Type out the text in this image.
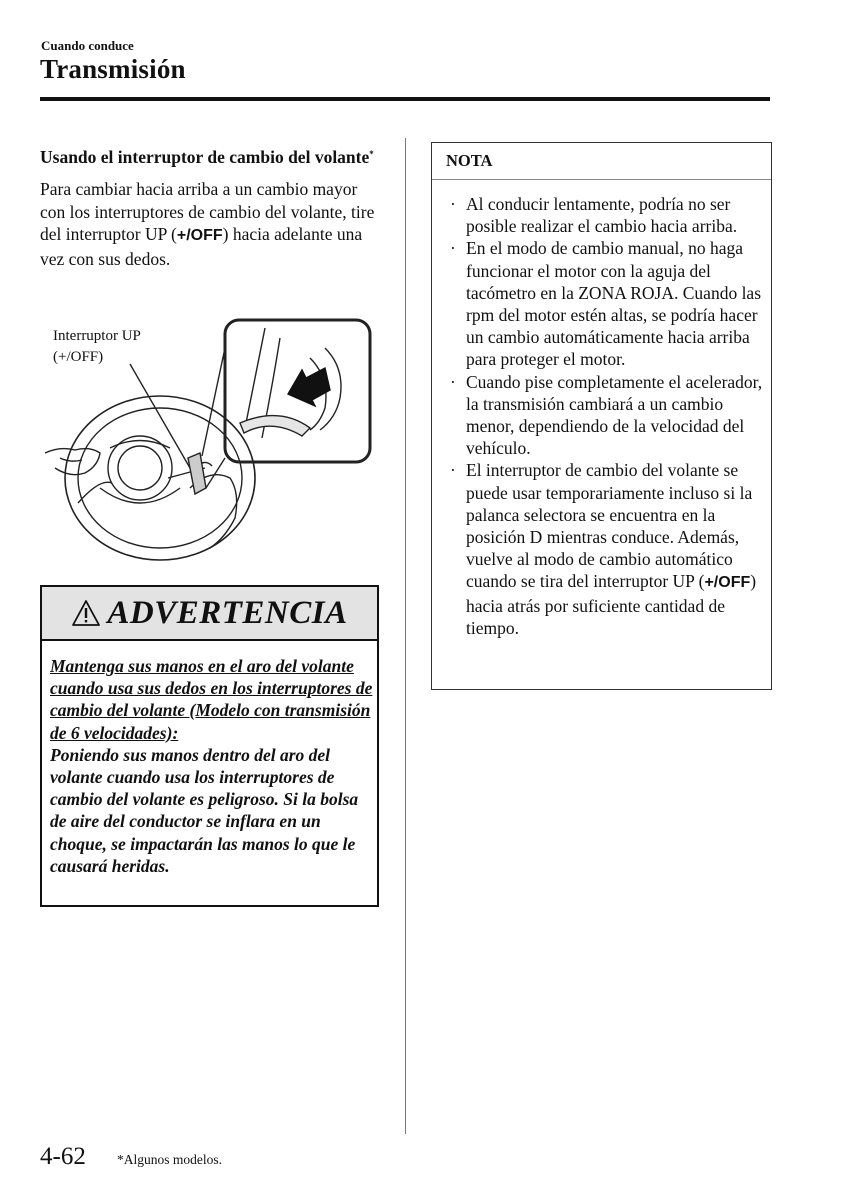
Cuando conduce
Transmisión

Usando el interruptor de cambio del volante*

Para cambiar hacia arriba a un cambio mayor con los interruptores de cambio del volante, tire del interruptor UP (+/OFF) hacia adelante una vez con sus dedos.

Interruptor UP
(+/OFF)
ADVERTENCIA
Mantenga sus manos en el aro del volante cuando usa sus dedos en los interruptores de cambio del volante (Modelo con transmisión de 6 velocidades):
Poniendo sus manos dentro del aro del volante cuando usa los interruptores de cambio del volante es peligroso. Si la bolsa de aire del conductor se inflara en un choque, se impactarán las manos lo que le causará heridas.
NOTA
· Al conducir lentamente, podría no ser posible realizar el cambio hacia arriba.
· En el modo de cambio manual, no haga funcionar el motor con la aguja del tacómetro en la ZONA ROJA. Cuando las rpm del motor estén altas, se podría hacer un cambio automáticamente hacia arriba para proteger el motor.
· Cuando pise completamente el acelerador, la transmisión cambiará a un cambio menor, dependiendo de la velocidad del vehículo.
· El interruptor de cambio del volante se puede usar temporariamente incluso si la palanca selectora se encuentra en la posición D mientras conduce. Además, vuelve al modo de cambio automático cuando se tira del interruptor UP (+/OFF) hacia atrás por suficiente cantidad de tiempo.
4-62 *Algunos modelos.
